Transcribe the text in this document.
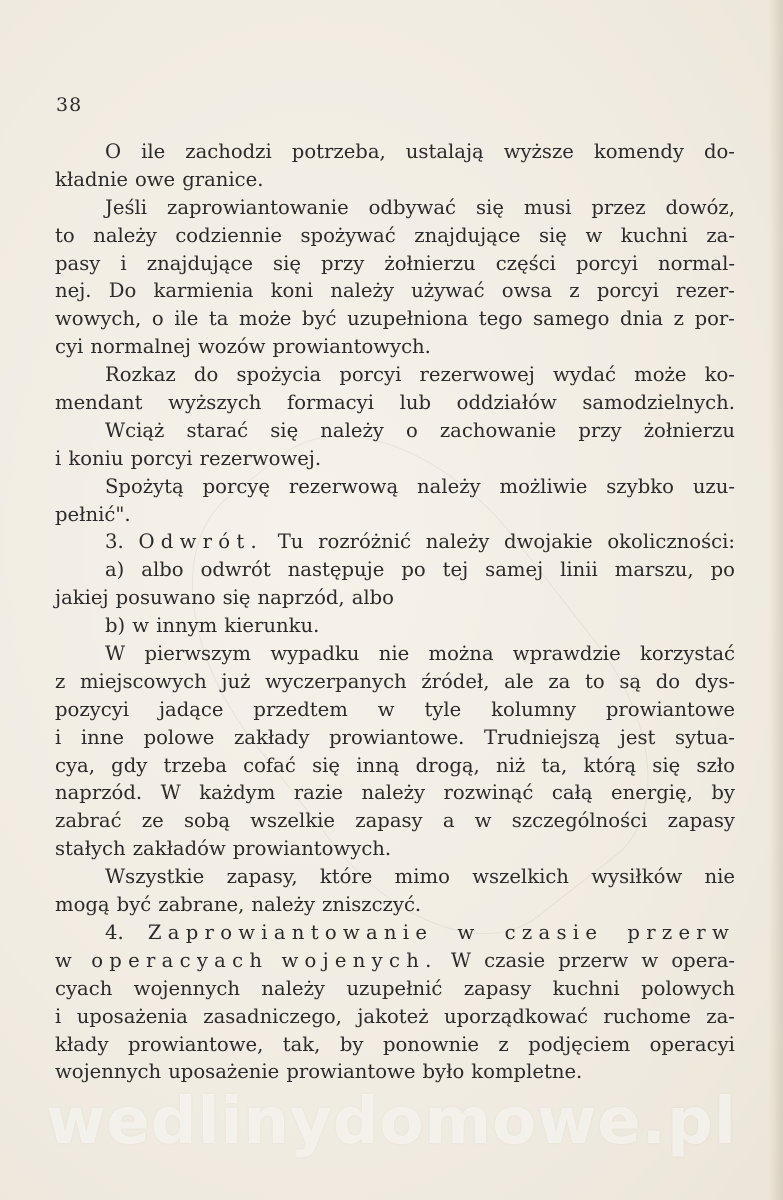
38
O ile zachodzi potrzeba, ustalają wyższe komendy do-
kładnie owe granice.
Jeśli zaprowiantowanie odbywać się musi przez dowóz,
to należy codziennie spożywać znajdujące się w kuchni za-
pasy i znajdujące się przy żołnierzu części porcyi normal-
nej. Do karmienia koni należy używać owsa z porcyi rezer-
wowych, o ile ta może być uzupełniona tego samego dnia z por-
cyi normalnej wozów prowiantowych.
Rozkaz do spożycia porcyi rezerwowej wydać może ko-
mendant wyższych formacyi lub oddziałów samodzielnych.
Wciąż starać się należy o zachowanie przy żołnierzu
i koniu porcyi rezerwowej.
Spożytą porcyę rezerwową należy możliwie szybko uzu-
pełnić".
3. Odwrót. Tu rozróżnić należy dwojakie okoliczności:
a) albo odwrót następuje po tej samej linii marszu, po
jakiej posuwano się naprzód, albo
b) w innym kierunku.
W pierwszym wypadku nie można wprawdzie korzystać
z miejscowych już wyczerpanych źródeł, ale za to są do dys-
pozycyi jadące przedtem w tyle kolumny prowiantowe
i inne polowe zakłady prowiantowe. Trudniejszą jest sytua-
cya, gdy trzeba cofać się inną drogą, niż ta, którą się szło
naprzód. W każdym razie należy rozwinąć całą energię, by
zabrać ze sobą wszelkie zapasy a w szczególności zapasy
stałych zakładów prowiantowych.
Wszystkie zapasy, które mimo wszelkich wysiłków nie
mogą być zabrane, należy zniszczyć.
4. Zaprowiantowanie w czasie przerw
w operacyach wojenych. W czasie przerw w opera-
cyach wojennych należy uzupełnić zapasy kuchni polowych
i uposażenia zasadniczego, jakoteż uporządkować ruchome za-
kłady prowiantowe, tak, by ponownie z podjęciem operacyi
wojennych uposażenie prowiantowe było kompletne.
wedlinydomowe.pl
